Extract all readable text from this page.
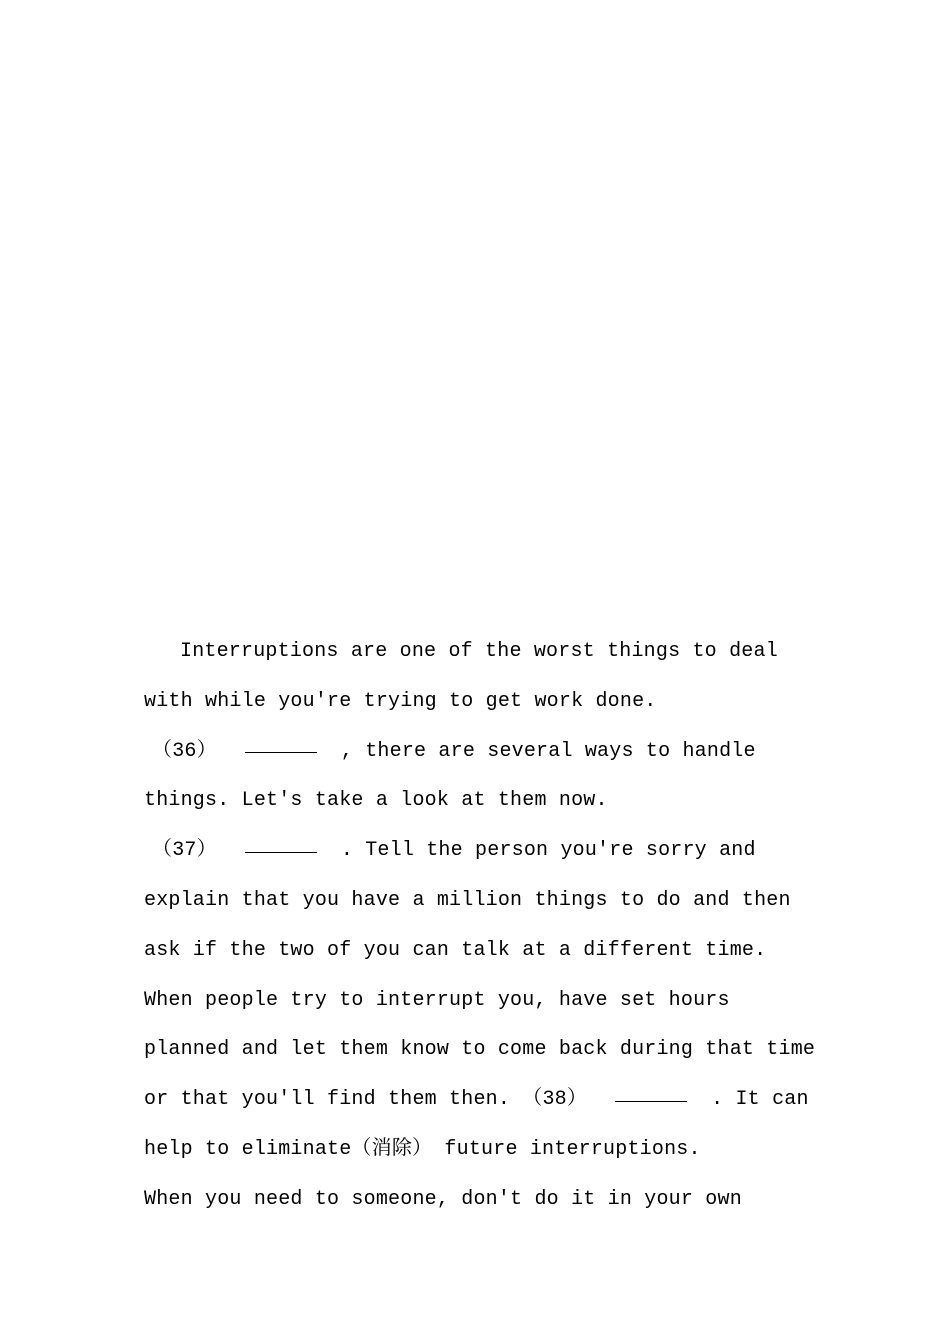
Interruptions are one of the worst things to deal
with while you're trying to get work done.
（36）	, there are several ways to handle
things. Let's take a look at them now.
（37）	. Tell the person you're sorry and
explain that you have a million things to do and then
ask if the two of you can talk at a different time.
When people try to interrupt you, have set hours
planned and let them know to come back during that time
or that you'll find them then. （38）	. It can
help to eliminate（消除） future interruptions.
When you need to someone, don't do it in your own
